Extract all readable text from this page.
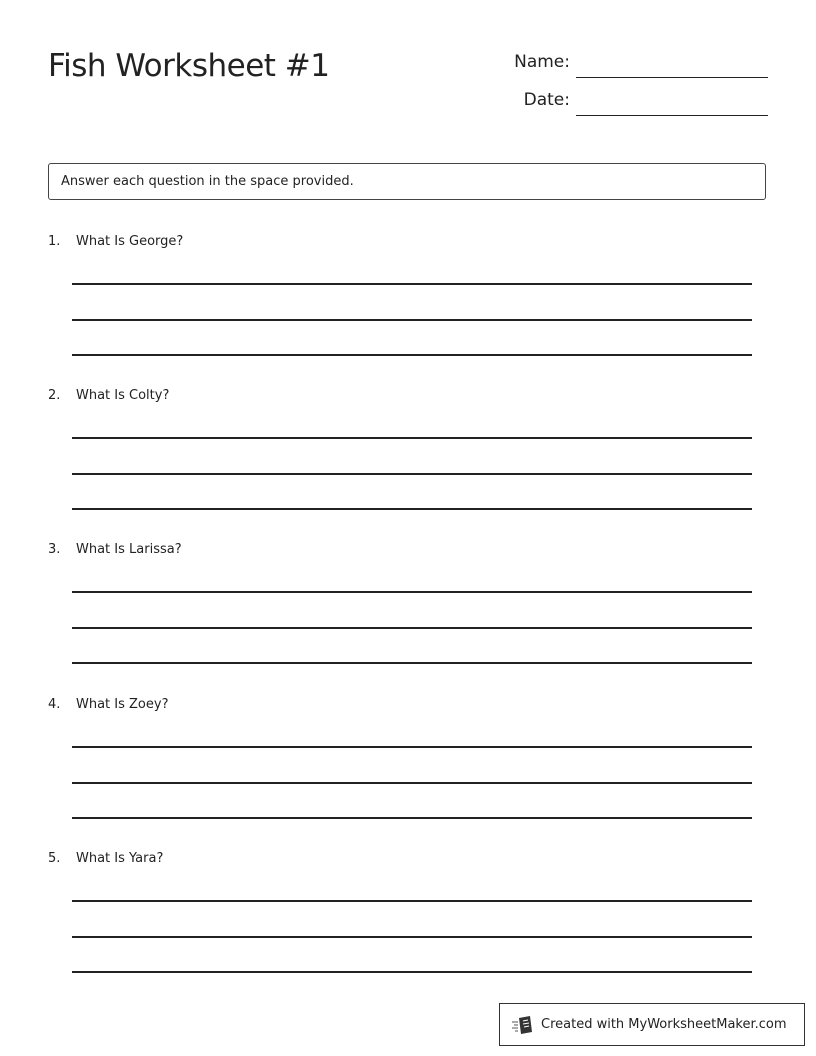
Fish Worksheet #1	Name:
Date:
Answer each question in the space provided.
1. What Is George?
2. What Is Colty?
3. What Is Larissa?
4. What Is Zoey?
5. What Is Yara?
Created with MyWorksheetMaker.com
